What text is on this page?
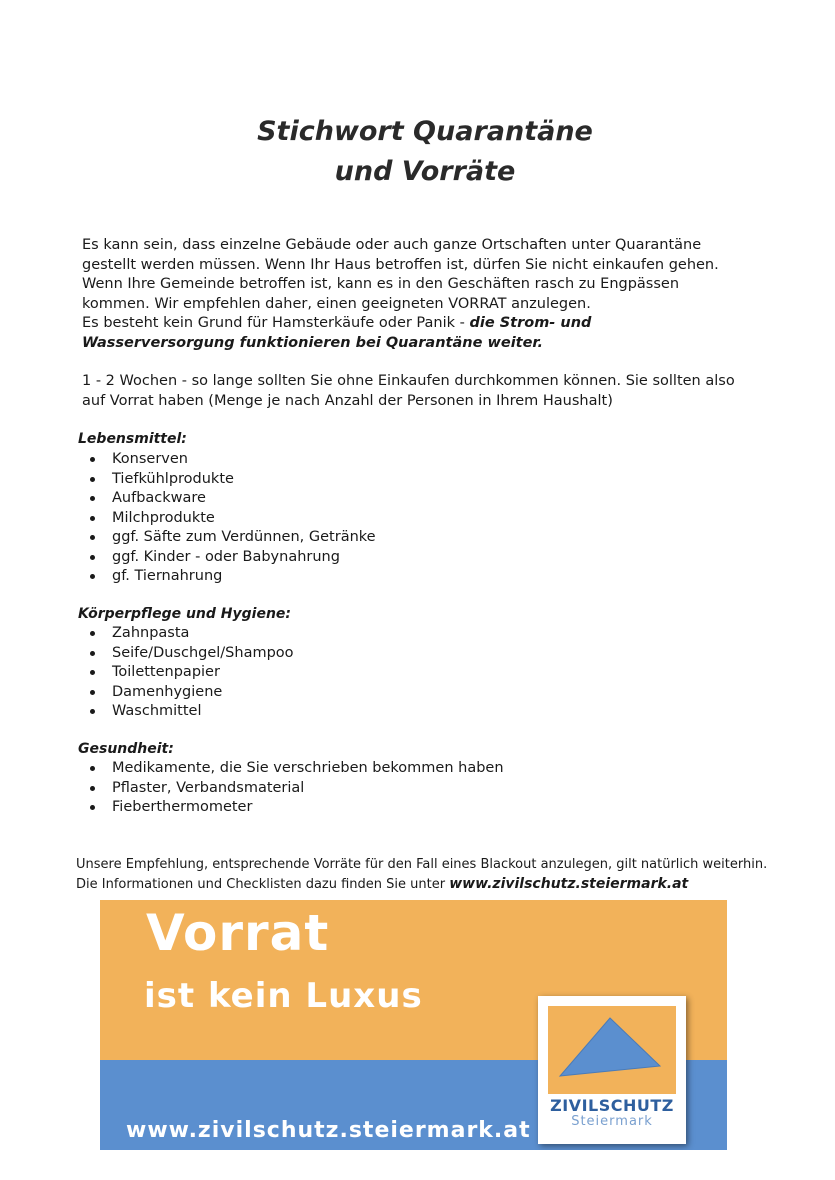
Stichwort Quarantäne
und Vorräte
Es kann sein, dass einzelne Gebäude oder auch ganze Ortschaften unter Quarantäne gestellt werden müssen. Wenn Ihr Haus betroffen ist, dürfen Sie nicht einkaufen gehen. Wenn Ihre Gemeinde betroffen ist, kann es in den Geschäften rasch zu Engpässen kommen. Wir empfehlen daher, einen geeigneten VORRAT anzulegen.
Es besteht kein Grund für Hamsterkäufe oder Panik - die Strom- und Wasserversorgung funktionieren bei Quarantäne weiter.
1 - 2 Wochen - so lange sollten Sie ohne Einkaufen durchkommen können. Sie sollten also auf Vorrat haben (Menge je nach Anzahl der Personen in Ihrem Haushalt)
Lebensmittel:
Konserven
Tiefkühlprodukte
Aufbackware
Milchprodukte
ggf. Säfte zum Verdünnen, Getränke
ggf. Kinder - oder Babynahrung
gf. Tiernahrung
Körperpflege und Hygiene:
Zahnpasta
Seife/Duschgel/Shampoo
Toilettenpapier
Damenhygiene
Waschmittel
Gesundheit:
Medikamente, die Sie verschrieben bekommen haben
Pflaster, Verbandsmaterial
Fieberthermometer
Unsere Empfehlung, entsprechende Vorräte für den Fall eines Blackout anzulegen, gilt natürlich weiterhin. Die Informationen und Checklisten dazu finden Sie unter www.zivilschutz.steiermark.at
Vorrat
ist kein Luxus
www.zivilschutz.steiermark.at
ZIVILSCHUTZ
Steiermark
